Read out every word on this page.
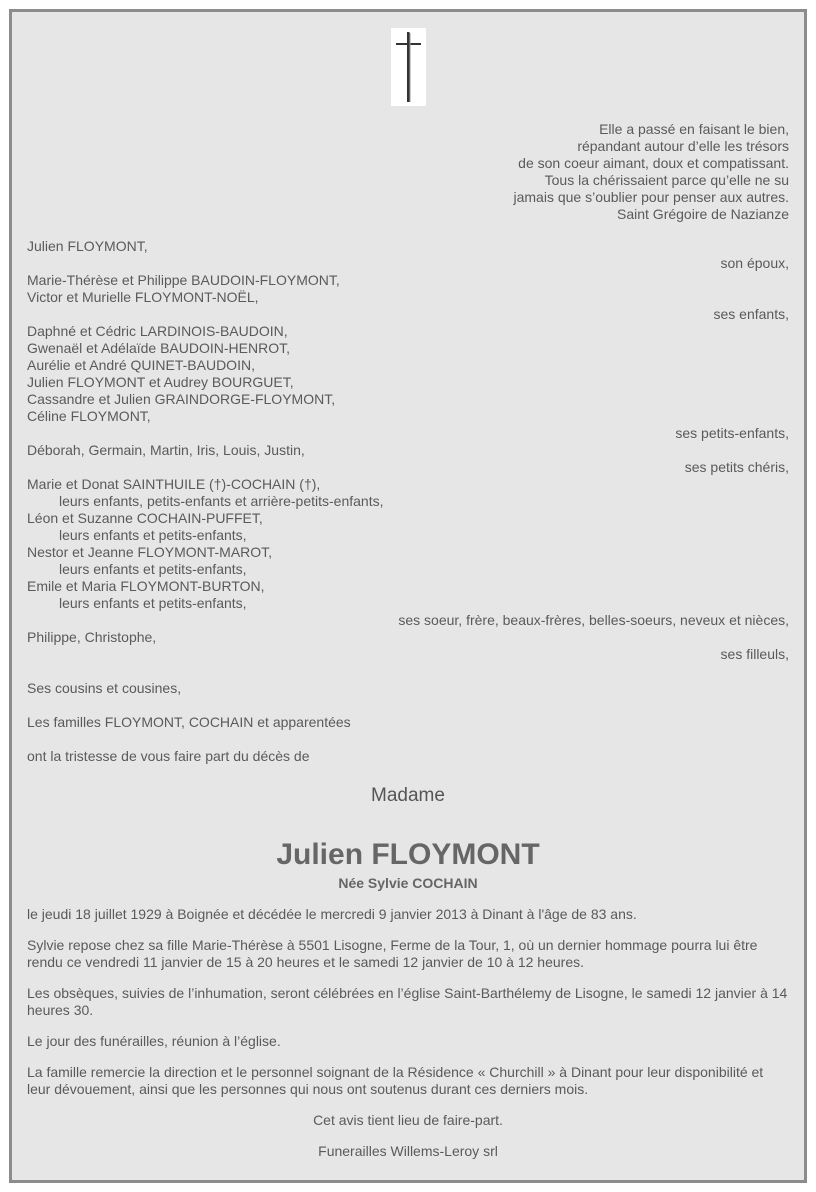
Elle a passé en faisant le bien,
répandant autour d’elle les trésors
de son coeur aimant, doux et compatissant.
Tous la chérissaient parce qu’elle ne su
jamais que s’oublier pour penser aux autres.
Saint Grégoire de Nazianze
Julien FLOYMONT,
son époux,
Marie-Thérèse et Philippe BAUDOIN-FLOYMONT,
Victor et Murielle FLOYMONT-NOËL,
ses enfants,
Daphné et Cédric LARDINOIS-BAUDOIN,
Gwenaël et Adélaïde BAUDOIN-HENROT,
Aurélie et André QUINET-BAUDOIN,
Julien FLOYMONT et Audrey BOURGUET,
Cassandre et Julien GRAINDORGE-FLOYMONT,
Céline FLOYMONT,
ses petits-enfants,
Déborah, Germain, Martin, Iris, Louis, Justin,
ses petits chéris,
Marie et Donat SAINTHUILE (†)-COCHAIN (†),
leurs enfants, petits-enfants et arrière-petits-enfants,
Léon et Suzanne COCHAIN-PUFFET,
leurs enfants et petits-enfants,
Nestor et Jeanne FLOYMONT-MAROT,
leurs enfants et petits-enfants,
Emile et Maria FLOYMONT-BURTON,
leurs enfants et petits-enfants,
ses soeur, frère, beaux-frères, belles-soeurs, neveux et nièces,
Philippe, Christophe,
ses filleuls,
Ses cousins et cousines,
Les familles FLOYMONT, COCHAIN et apparentées
ont la tristesse de vous faire part du décès de
Madame
Julien FLOYMONT
Née Sylvie COCHAIN

le jeudi 18 juillet 1929 à Boignée et décédée le mercredi 9 janvier 2013 à Dinant à l'âge de 83 ans.

Sylvie repose chez sa fille Marie-Thérèse à 5501 Lisogne, Ferme de la Tour, 1, où un dernier hommage pourra lui être rendu ce vendredi 11 janvier de 15 à 20 heures et le samedi 12 janvier de 10 à 12 heures.

Les obsèques, suivies de l’inhumation, seront célébrées en l’église Saint-Barthélemy de Lisogne, le samedi 12 janvier à 14 heures 30.

Le jour des funérailles, réunion à l’église.

La famille remercie la direction et le personnel soignant de la Résidence « Churchill » à Dinant pour leur disponibilité et leur dévouement, ainsi que les personnes qui nous ont soutenus durant ces derniers mois.

Cet avis tient lieu de faire-part.

Funerailles Willems-Leroy srl
